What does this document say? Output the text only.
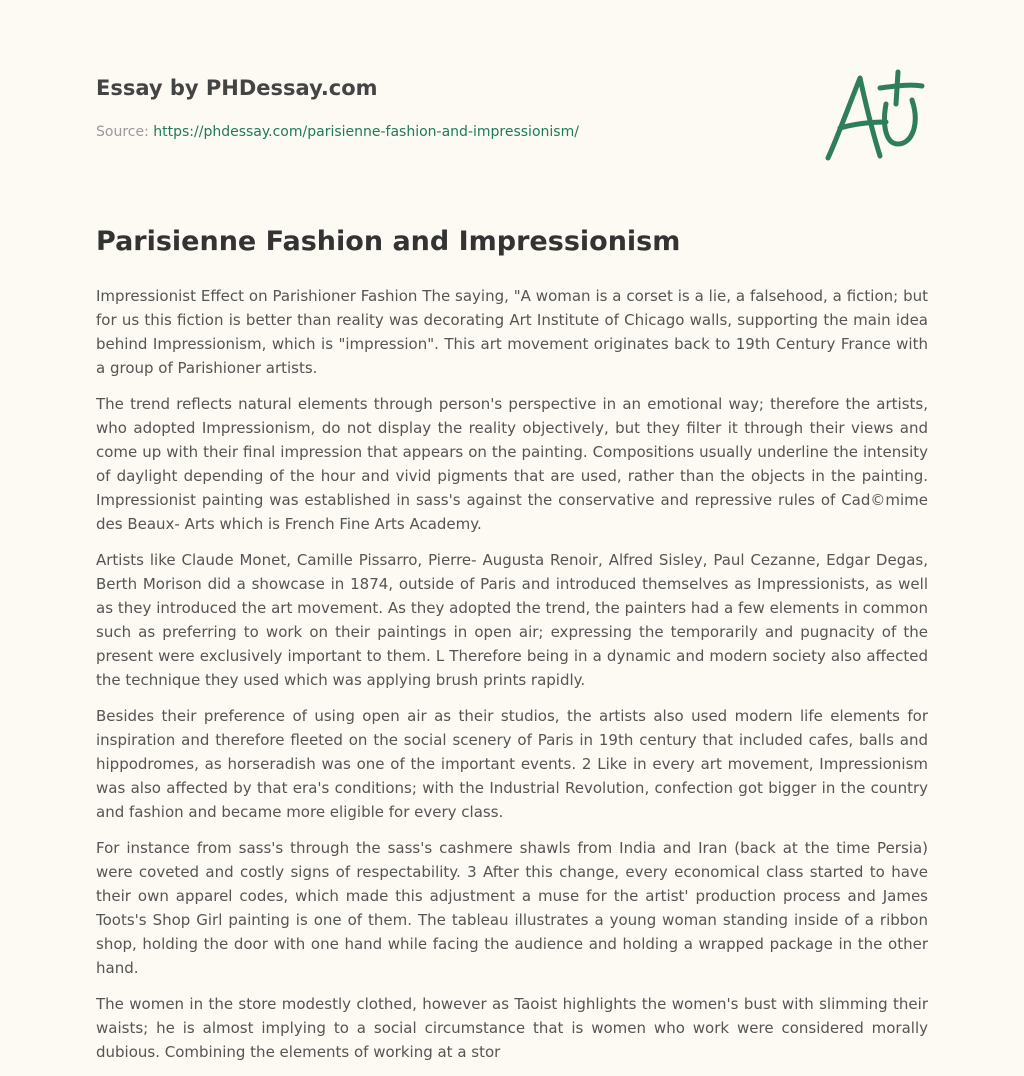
Essay by PHDessay.com
Source: https://phdessay.com/parisienne-fashion-and-impressionism/
Parisienne Fashion and Impressionism

Impressionist Effect on Parishioner Fashion The saying, "A woman is a corset is a lie, a falsehood, a fiction; but for us this fiction is better than reality was decorating Art Institute of Chicago walls, supporting the main idea behind Impressionism, which is "impression". This art movement originates back to 19th Century France with a group of Parishioner artists.

The trend reflects natural elements through person's perspective in an emotional way; therefore the artists, who adopted Impressionism, do not display the reality objectively, but they filter it through their views and come up with their final impression that appears on the painting. Compositions usually underline the intensity of daylight depending of the hour and vivid pigments that are used, rather than the objects in the painting. Impressionist painting was established in sass's against the conservative and repressive rules of Cad©mime des Beaux- Arts which is French Fine Arts Academy.

Artists like Claude Monet, Camille Pissarro, Pierre- Augusta Renoir, Alfred Sisley, Paul Cezanne, Edgar Degas, Berth Morison did a showcase in 1874, outside of Paris and introduced themselves as Impressionists, as well as they introduced the art movement. As they adopted the trend, the painters had a few elements in common such as preferring to work on their paintings in open air; expressing the temporarily and pugnacity of the present were exclusively important to them. L Therefore being in a dynamic and modern society also affected the technique they used which was applying brush prints rapidly.

Besides their preference of using open air as their studios, the artists also used modern life elements for inspiration and therefore fleeted on the social scenery of Paris in 19th century that included cafes, balls and hippodromes, as horseradish was one of the important events. 2 Like in every art movement, Impressionism was also affected by that era's conditions; with the Industrial Revolution, confection got bigger in the country and fashion and became more eligible for every class.

For instance from sass's through the sass's cashmere shawls from India and Iran (back at the time Persia) were coveted and costly signs of respectability. 3 After this change, every economical class started to have their own apparel codes, which made this adjustment a muse for the artist' production process and James Toots's Shop Girl painting is one of them. The tableau illustrates a young woman standing inside of a ribbon shop, holding the door with one hand while facing the audience and holding a wrapped package in the other hand.

The women in the store modestly clothed, however as Taoist highlights the women's bust with slimming their waists; he is almost implying to a social circumstance that is women who work were considered morally dubious. Combining the elements of working at a stor
